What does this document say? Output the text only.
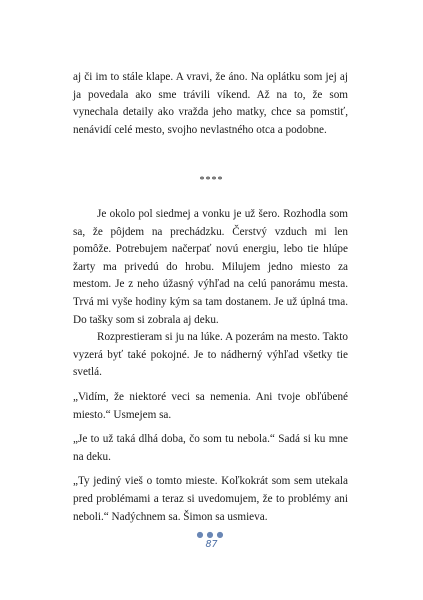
aj či im to stále klape. A vravi, že áno. Na oplátku som jej aj ja povedala ako sme trávili víkend. Až na to, že som vynechala detaily ako vražda jeho matky, chce sa pomstiť, nenávidí celé mesto, svojho nevlastného otca a podobne.

****

Je okolo pol siedmej a vonku je už šero. Rozhodla som sa, že pôjdem na prechádzku. Čerstvý vzduch mi len pomôže. Potrebujem načerpať novú energiu, lebo tie hlúpe žarty ma privedú do hrobu. Milujem jedno miesto za mestom. Je z neho úžasný výhľad na celú panorámu mesta. Trvá mi vyše hodiny kým sa tam dostanem. Je už úplná tma. Do tašky som si zobrala aj deku.

Rozprestieram si ju na lúke. A pozerám na mesto. Takto vyzerá byť také pokojné. Je to nádherný výhľad všetky tie svetlá.

„Vidím, že niektoré veci sa nemenia. Ani tvoje obľúbené miesto.“ Usmejem sa.

„Je to už taká dlhá doba, čo som tu nebola.“ Sadá si ku mne na deku.

„Ty jediný vieš o tomto mieste. Koľkokrát som sem utekala pred problémami a teraz si uvedomujem, že to problémy ani neboli.“ Nadýchnem sa. Šimon sa usmieva.

●●●
87
